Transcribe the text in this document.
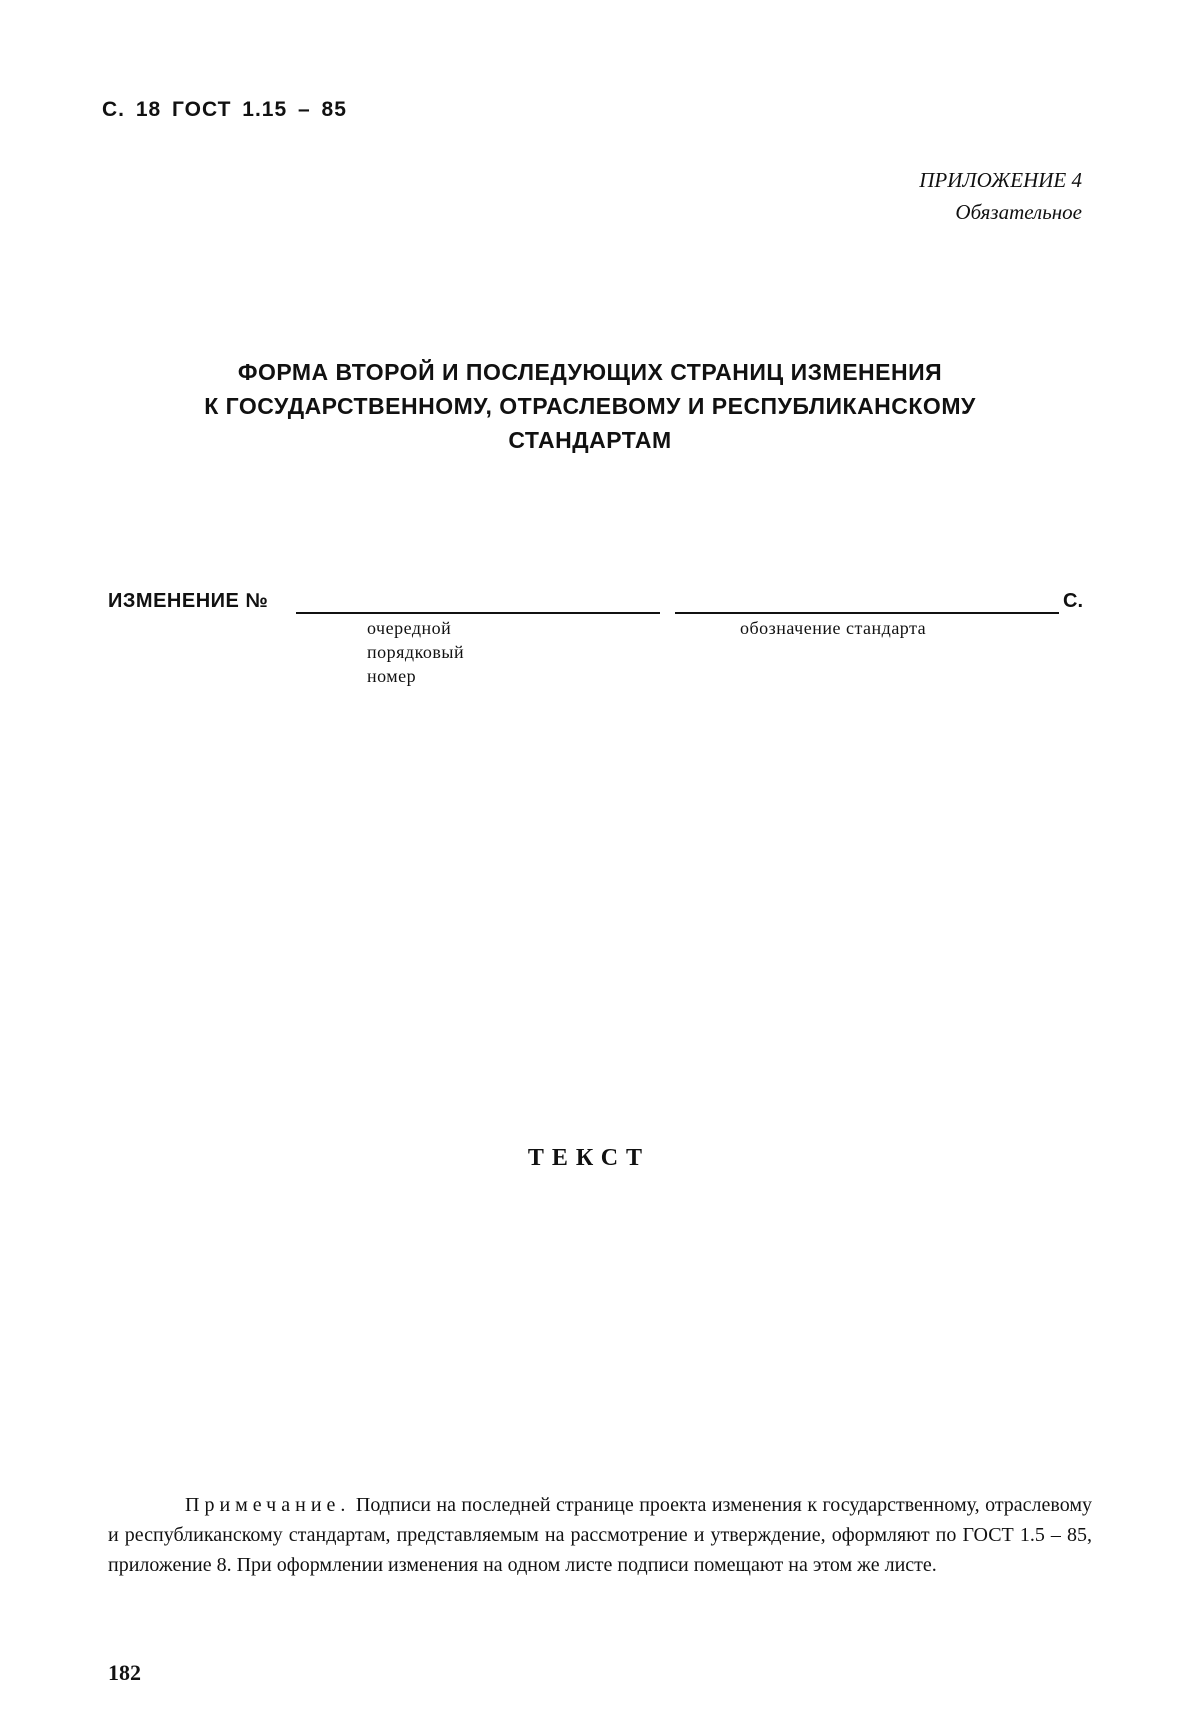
С. 18 ГОСТ 1.15 – 85
ПРИЛОЖЕНИЕ 4
Обязательное
ФОРМА ВТОРОЙ И ПОСЛЕДУЮЩИХ СТРАНИЦ ИЗМЕНЕНИЯ
К ГОСУДАРСТВЕННОМУ, ОТРАСЛЕВОМУ И РЕСПУБЛИКАНСКОМУ
СТАНДАРТАМ
ИЗМЕНЕНИЕ №
очередной
порядковый
номер
обозначение стандарта
С.
ТЕКСТ
Примечание. Подписи на последней странице проекта изменения к государственному, отраслевому и республиканскому стандартам, представляемым на рассмотрение и утверждение, оформляют по ГОСТ 1.5 – 85, приложение 8. При оформлении изменения на одном листе подписи помещают на этом же листе.
182
